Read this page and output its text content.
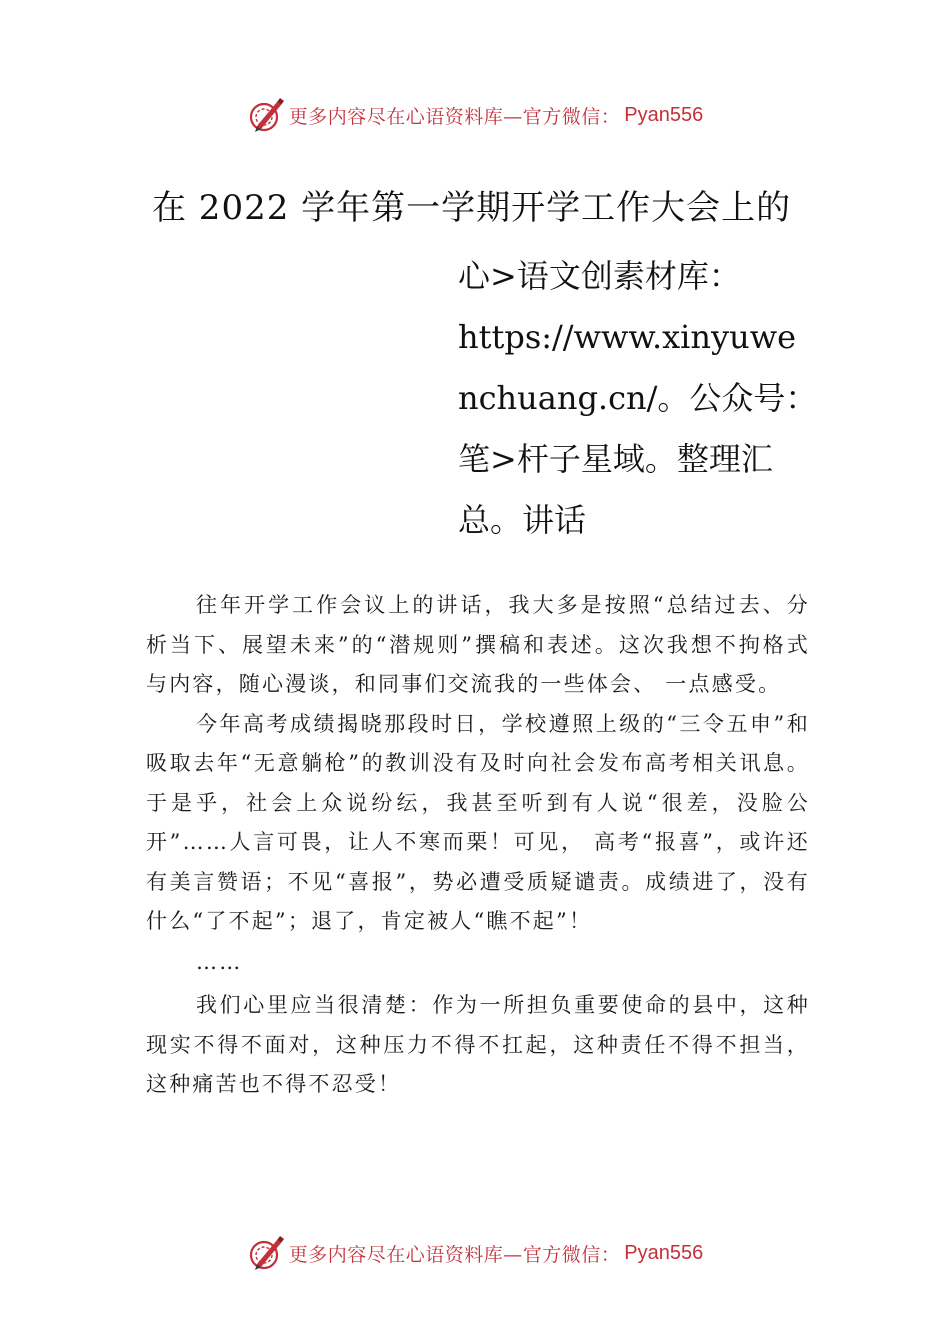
更多内容尽在心语资料库—官方微信： Pyan556
在 2022 学年第一学期开学工作大会上的
心>语文创素材库：
https://www.xinyuwe
nchuang.cn/。公众号：
笔>杆子星域。整理汇
总。讲话

往年开学工作会议上的讲话，我大多是按照“总结过去、分析当下、展望未来”的“潜规则”撰稿和表述。这次我想不拘格式与内容，随心漫谈，和同事们交流我的一些体会、 一点感受。

今年高考成绩揭晓那段时日，学校遵照上级的“三令五申”和吸取去年“无意躺枪”的教训没有及时向社会发布高考相关讯息。于是乎，社会上众说纷纭，我甚至听到有人说“很差，没脸公开”……人言可畏，让人不寒而栗！可见， 高考“报喜”，或许还有美言赞语；不见“喜报”，势必遭受质疑谴责。成绩进了，没有什么“了不起”；退了，肯定被人“瞧不起”！

……

我们心里应当很清楚：作为一所担负重要使命的县中，这种现实不得不面对，这种压力不得不扛起，这种责任不得不担当，这种痛苦也不得不忍受！

更多内容尽在心语资料库—官方微信： Pyan556
